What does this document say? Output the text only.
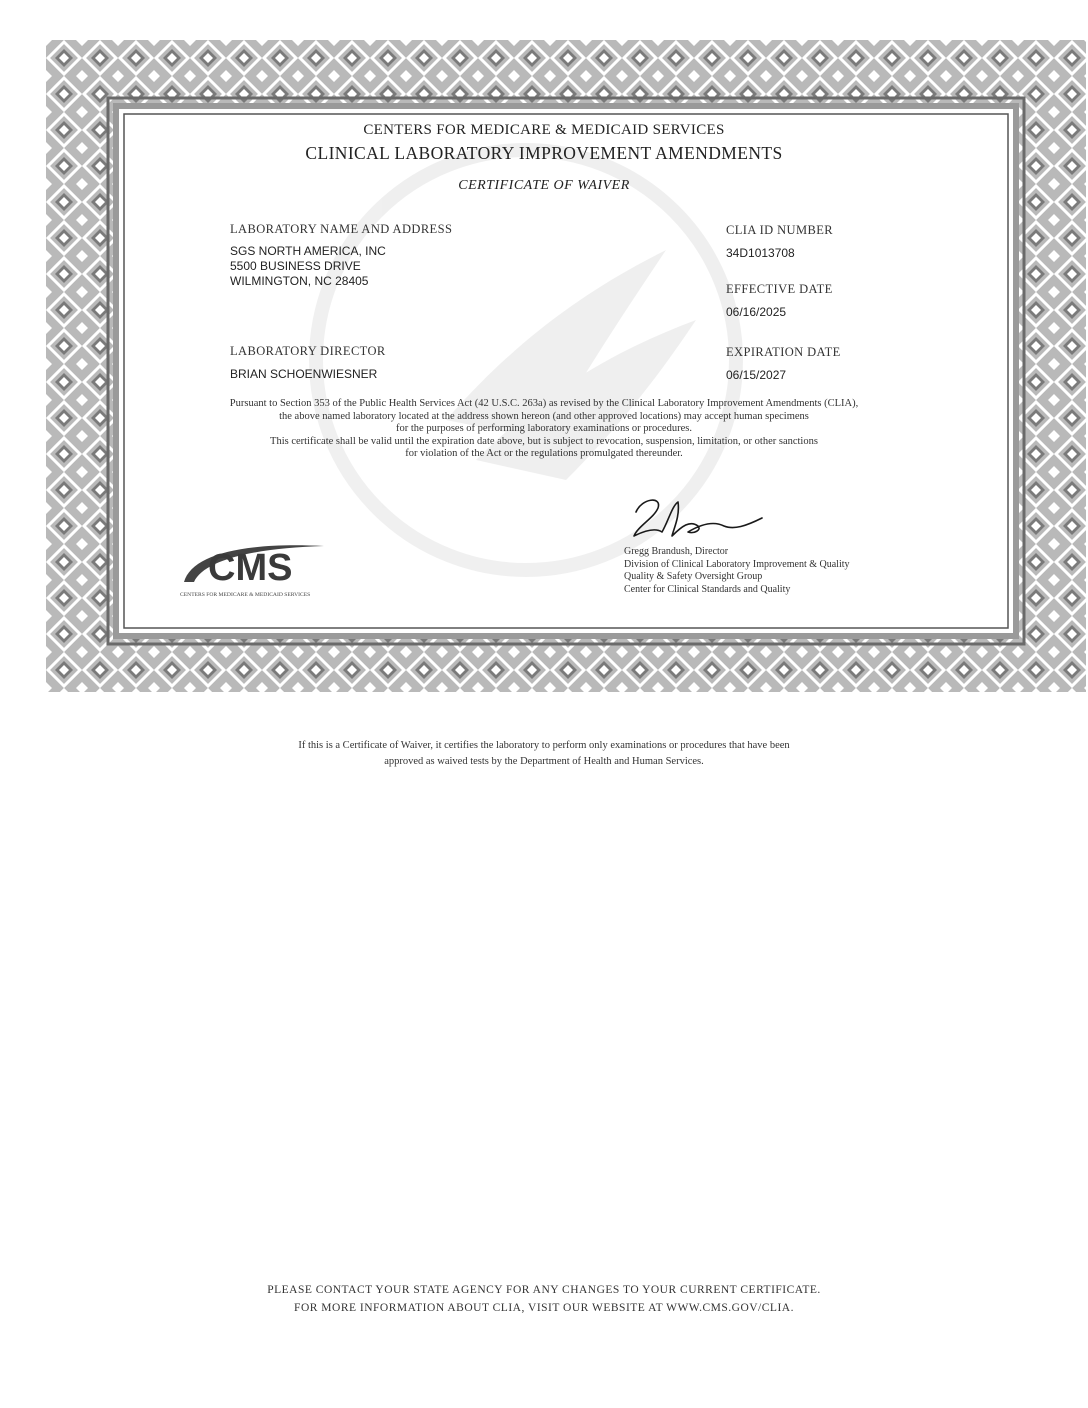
CENTERS FOR MEDICARE & MEDICAID SERVICES
CLINICAL LABORATORY IMPROVEMENT AMENDMENTS
CERTIFICATE OF WAIVER
LABORATORY NAME AND ADDRESS
SGS NORTH AMERICA, INC
5500 BUSINESS DRIVE
WILMINGTON, NC 28405
LABORATORY DIRECTOR
BRIAN SCHOENWIESNER
CLIA ID NUMBER
34D1013708
EFFECTIVE DATE
06/16/2025
EXPIRATION DATE
06/15/2027
Pursuant to Section 353 of the Public Health Services Act (42 U.S.C. 263a) as revised by the Clinical Laboratory Improvement Amendments (CLIA),
the above named laboratory located at the address shown hereon (and other approved locations) may accept human specimens
for the purposes of performing laboratory examinations or procedures.
This certificate shall be valid until the expiration date above, but is subject to revocation, suspension, limitation, or other sanctions
for violation of the Act or the regulations promulgated thereunder.
CMS
CENTERS FOR MEDICARE & MEDICAID SERVICES
Gregg Brandush, Director
Division of Clinical Laboratory Improvement & Quality
Quality & Safety Oversight Group
Center for Clinical Standards and Quality
If this is a Certificate of Waiver, it certifies the laboratory to perform only examinations or procedures that have been
approved as waived tests by the Department of Health and Human Services.
PLEASE CONTACT YOUR STATE AGENCY FOR ANY CHANGES TO YOUR CURRENT CERTIFICATE.
FOR MORE INFORMATION ABOUT CLIA, VISIT OUR WEBSITE AT WWW.CMS.GOV/CLIA.
